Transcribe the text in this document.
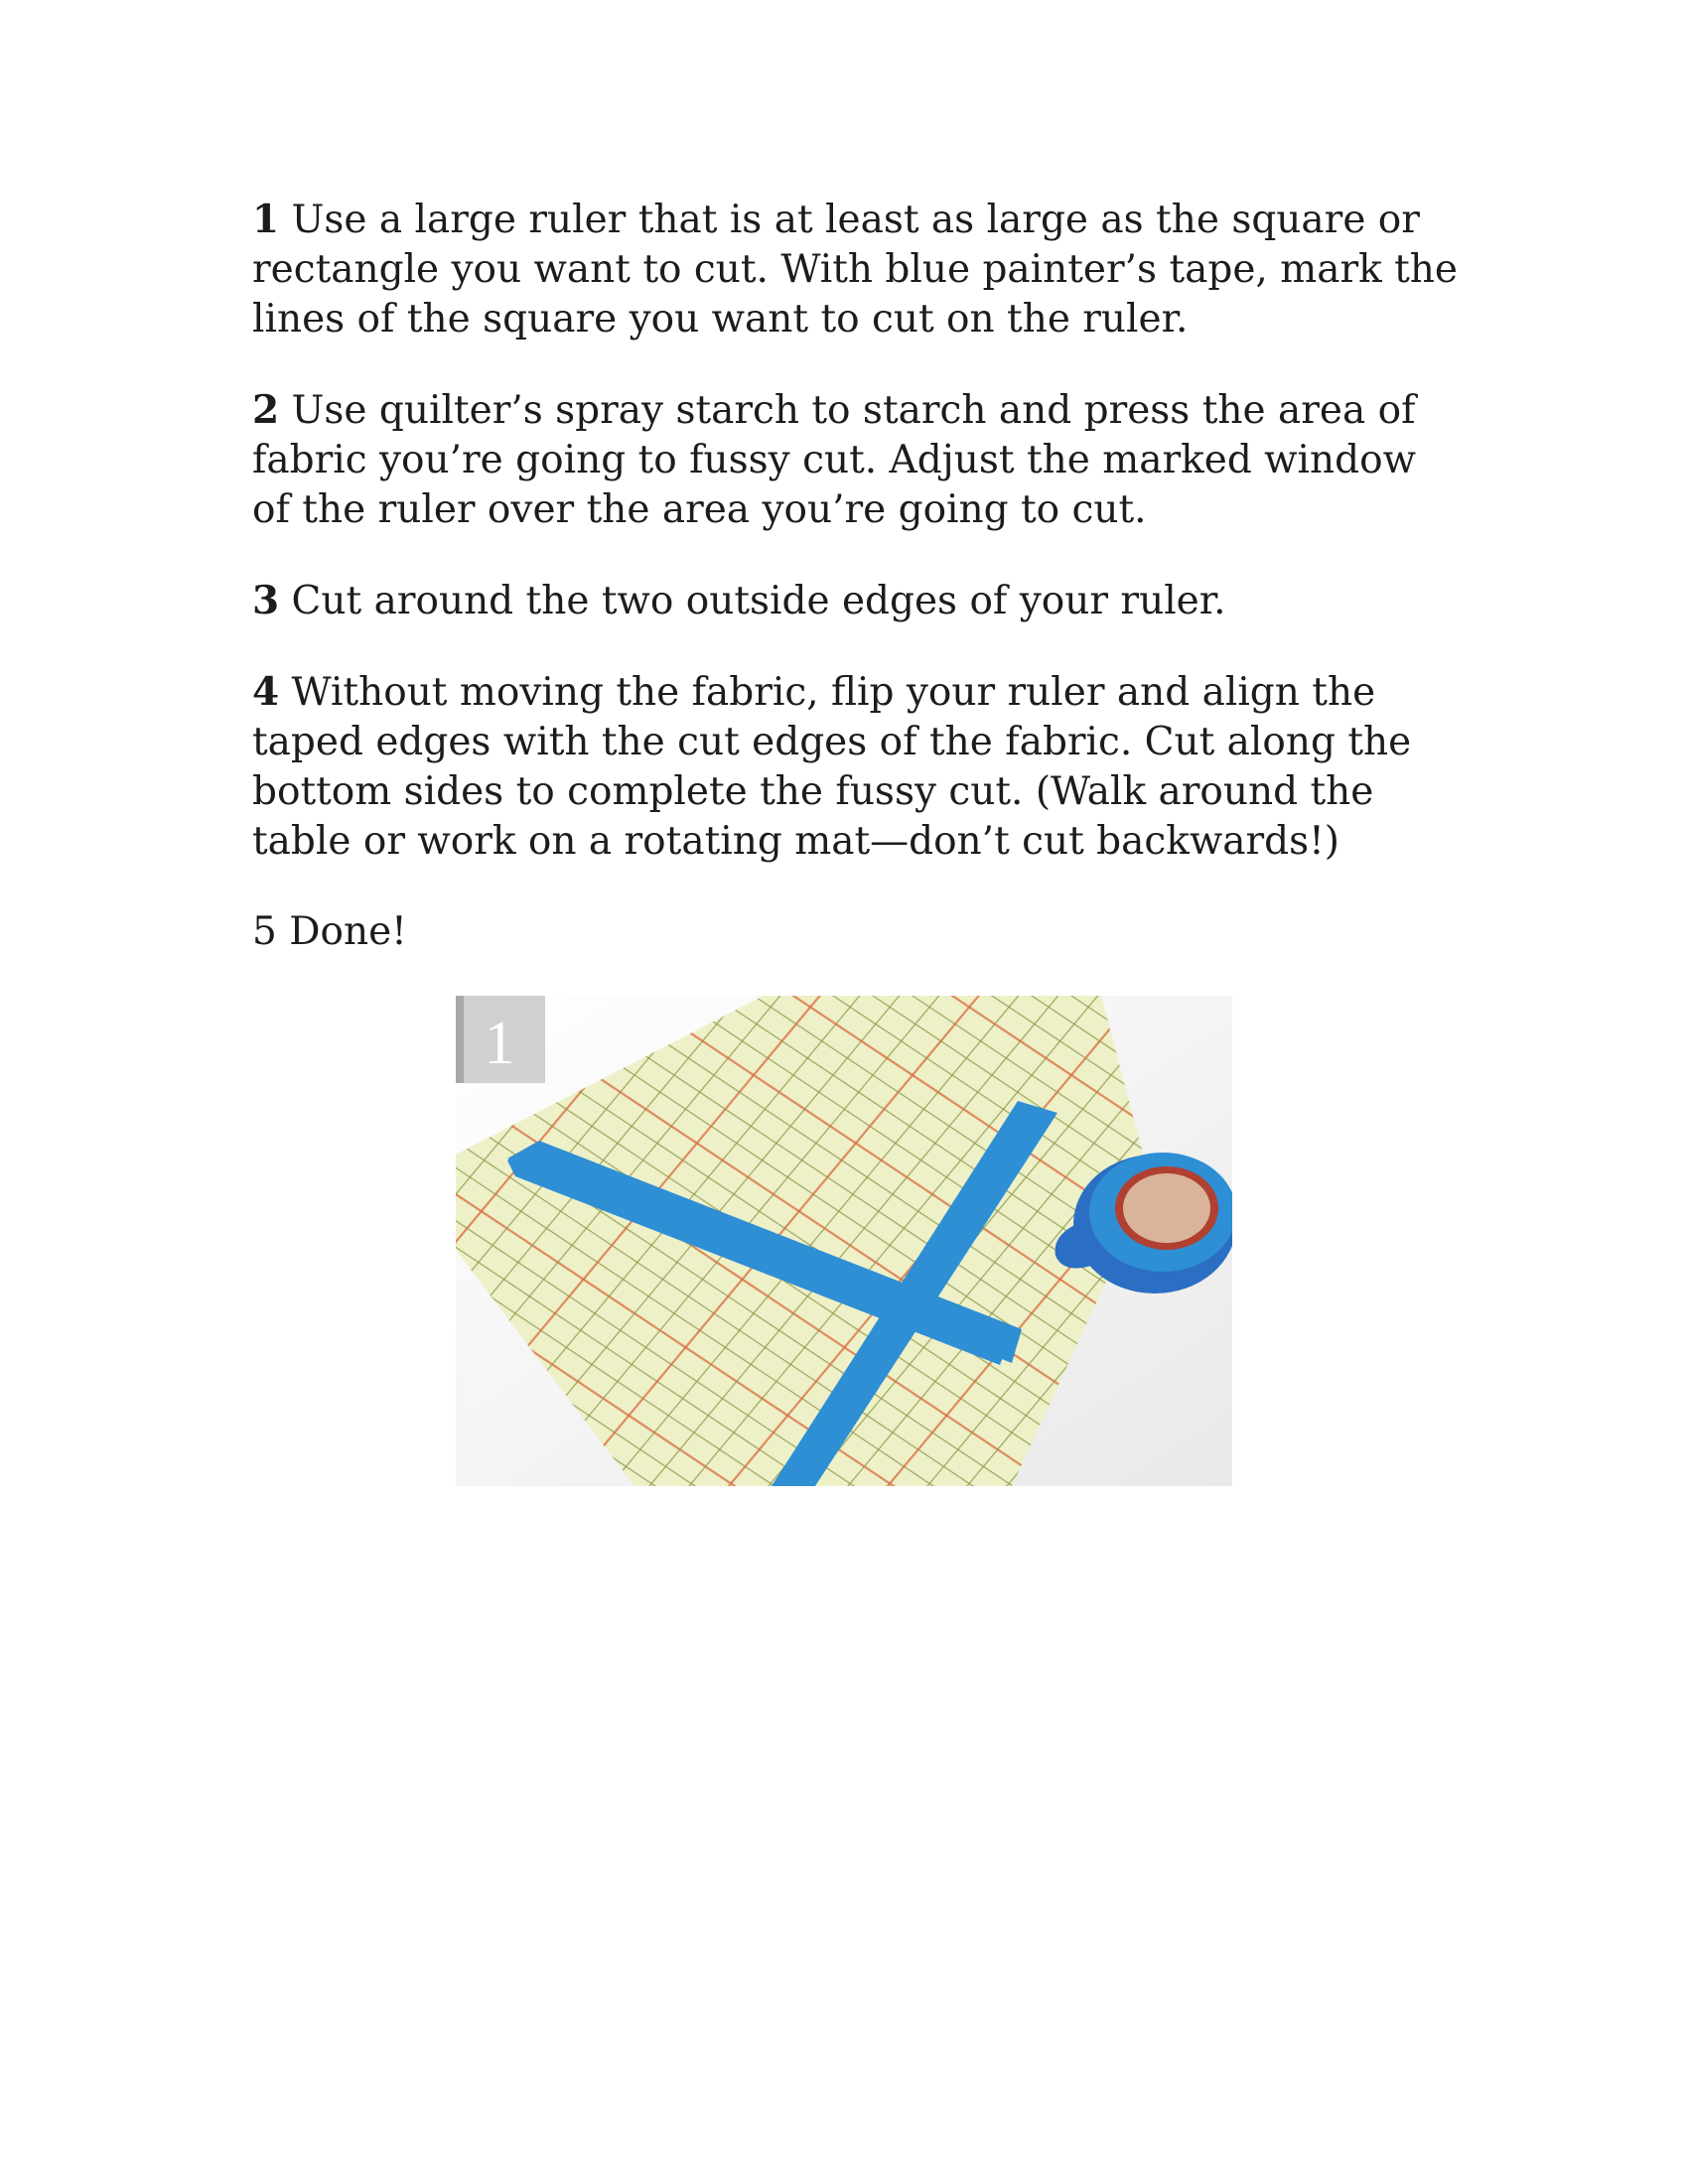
1 Use a large ruler that is at least as large as the square or rectangle you want to cut. With blue painter’s tape, mark the lines of the square you want to cut on the ruler.

2 Use quilter’s spray starch to starch and press the area of fabric you’re going to fussy cut. Adjust the marked window of the ruler over the area you’re going to cut.

3 Cut around the two outside edges of your ruler.

4 Without moving the fabric, flip your ruler and align the taped edges with the cut edges of the fabric. Cut along the bottom sides to complete the fussy cut. (Walk around the table or work on a rotating mat—don’t cut backwards!)

5 Done!

1
